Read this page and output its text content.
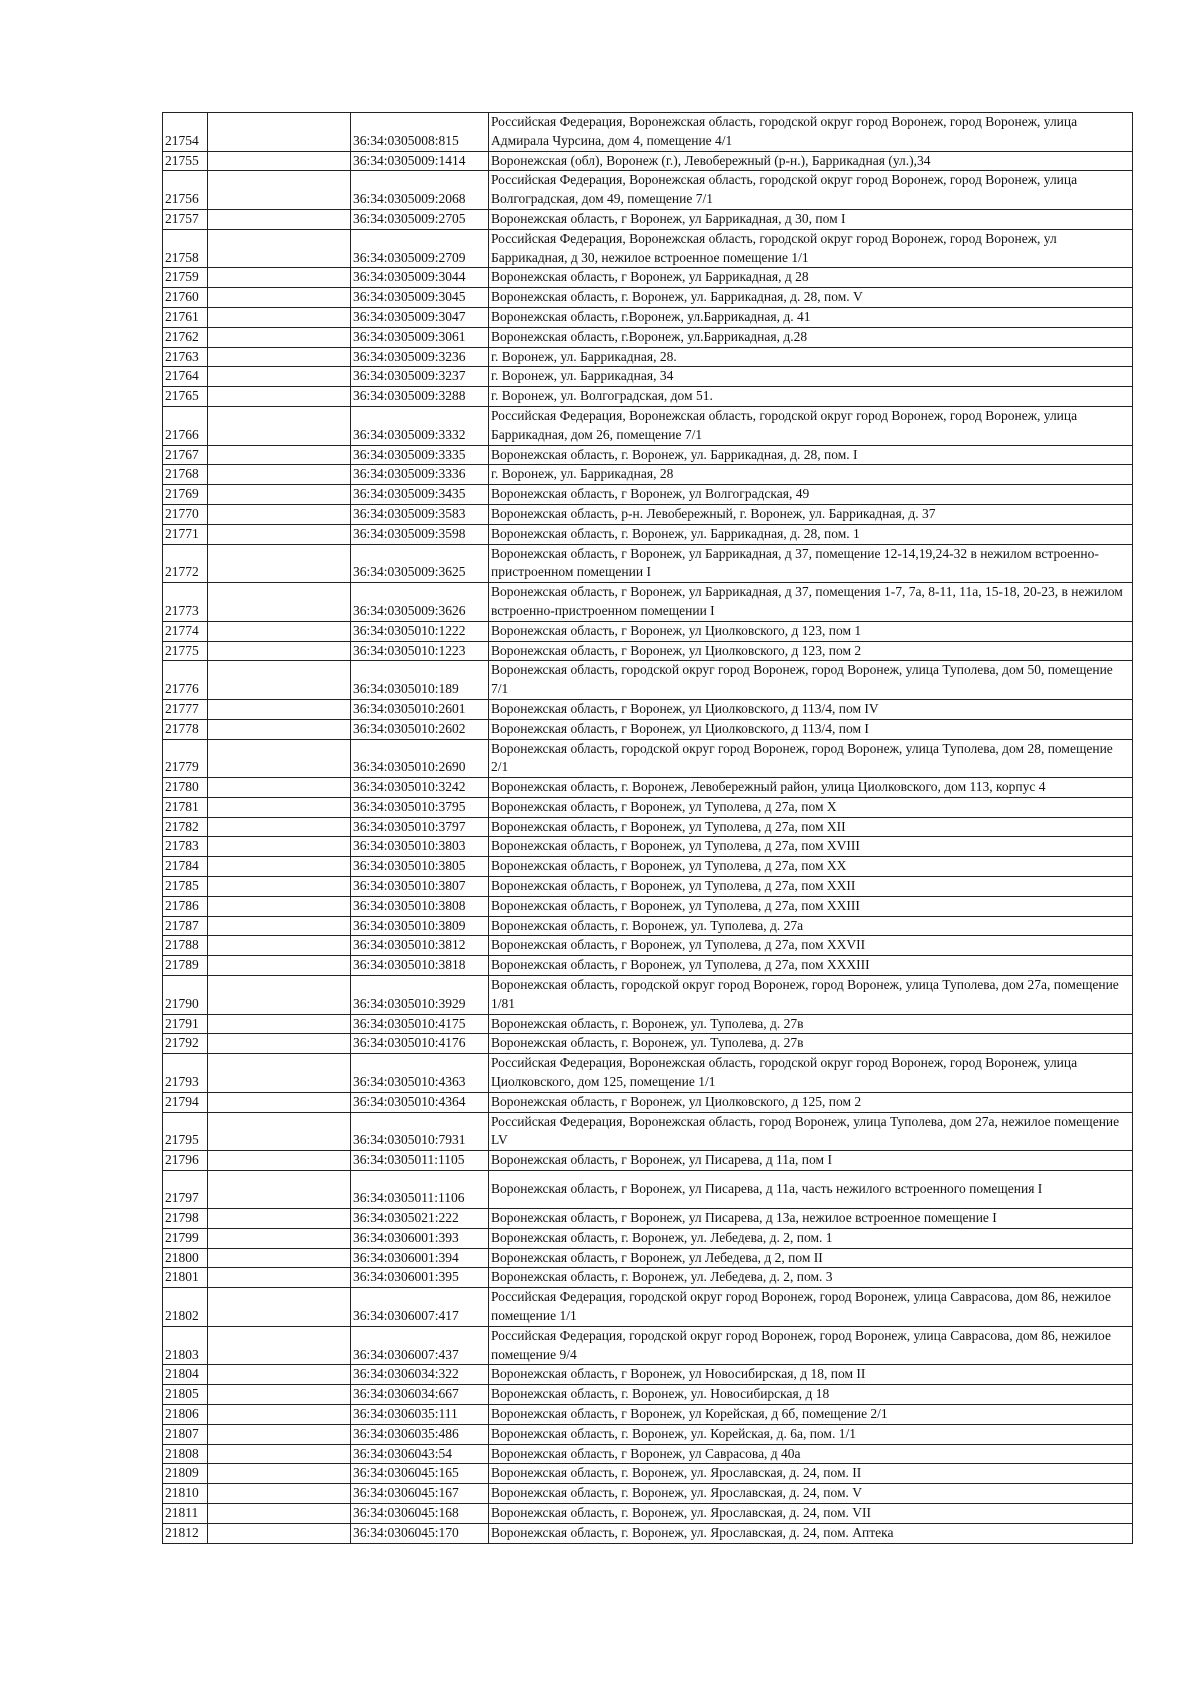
21754		36:34:0305008:815	Российская Федерация, Воронежская область, городской округ город Воронеж, город Воронеж, улица Адмирала Чурсина, дом 4, помещение 4/1
21755		36:34:0305009:1414	Воронежская (обл), Воронеж (г.), Левобережный (р-н.), Баррикадная (ул.),34
21756		36:34:0305009:2068	Российская Федерация, Воронежская область, городской округ город Воронеж, город Воронеж, улица Волгоградская, дом 49, помещение 7/1
21757		36:34:0305009:2705	Воронежская область, г Воронеж, ул Баррикадная, д 30, пом I
21758		36:34:0305009:2709	Российская Федерация, Воронежская область, городской округ город Воронеж, город Воронеж, ул Баррикадная, д 30, нежилое встроенное помещение 1/1
21759		36:34:0305009:3044	Воронежская область, г Воронеж, ул Баррикадная, д 28
21760		36:34:0305009:3045	Воронежская область, г. Воронеж, ул. Баррикадная, д. 28, пом. V
21761		36:34:0305009:3047	Воронежская область, г.Воронеж, ул.Баррикадная, д. 41
21762		36:34:0305009:3061	Воронежская область, г.Воронеж, ул.Баррикадная, д.28
21763		36:34:0305009:3236	г. Воронеж, ул. Баррикадная, 28.
21764		36:34:0305009:3237	г. Воронеж, ул. Баррикадная, 34
21765		36:34:0305009:3288	г. Воронеж, ул. Волгоградская, дом 51.
21766		36:34:0305009:3332	Российская Федерация, Воронежская область, городской округ город Воронеж, город Воронеж, улица Баррикадная, дом 26, помещение 7/1
21767		36:34:0305009:3335	Воронежская область, г. Воронеж, ул. Баррикадная, д. 28, пом. I
21768		36:34:0305009:3336	г. Воронеж, ул. Баррикадная, 28
21769		36:34:0305009:3435	Воронежская область, г Воронеж, ул Волгоградская, 49
21770		36:34:0305009:3583	Воронежская область, р-н. Левобережный, г. Воронеж, ул. Баррикадная, д. 37
21771		36:34:0305009:3598	Воронежская область, г. Воронеж, ул. Баррикадная, д. 28, пом. 1
21772		36:34:0305009:3625	Воронежская область, г Воронеж, ул Баррикадная, д 37, помещение 12-14,19,24-32 в нежилом встроенно-пристроенном помещении I
21773		36:34:0305009:3626	Воронежская область, г Воронеж, ул Баррикадная, д 37, помещения 1-7, 7а, 8-11, 11а, 15-18, 20-23, в нежилом встроенно-пристроенном помещении I
21774		36:34:0305010:1222	Воронежская область, г Воронеж, ул Циолковского, д 123, пом 1
21775		36:34:0305010:1223	Воронежская область, г Воронеж, ул Циолковского, д 123, пом 2
21776		36:34:0305010:189	Воронежская область, городской округ город Воронеж, город Воронеж, улица Туполева, дом 50, помещение 7/1
21777		36:34:0305010:2601	Воронежская область, г Воронеж, ул Циолковского, д 113/4, пом IV
21778		36:34:0305010:2602	Воронежская область, г Воронеж, ул Циолковского, д 113/4, пом I
21779		36:34:0305010:2690	Воронежская область, городской округ город Воронеж, город Воронеж, улица Туполева, дом 28, помещение 2/1
21780		36:34:0305010:3242	Воронежская область, г. Воронеж, Левобережный район, улица Циолковского, дом 113, корпус 4
21781		36:34:0305010:3795	Воронежская область, г Воронеж, ул Туполева, д 27а, пом X
21782		36:34:0305010:3797	Воронежская область, г Воронеж, ул Туполева, д 27а, пом XII
21783		36:34:0305010:3803	Воронежская область, г Воронеж, ул Туполева, д 27а, пом XVIII
21784		36:34:0305010:3805	Воронежская область, г Воронеж, ул Туполева, д 27а, пом XX
21785		36:34:0305010:3807	Воронежская область, г Воронеж, ул Туполева, д 27а, пом XXII
21786		36:34:0305010:3808	Воронежская область, г Воронеж, ул Туполева, д 27а, пом XXIII
21787		36:34:0305010:3809	Воронежская область, г. Воронеж, ул. Туполева, д. 27а
21788		36:34:0305010:3812	Воронежская область, г Воронеж, ул Туполева, д 27а, пом XXVII
21789		36:34:0305010:3818	Воронежская область, г Воронеж, ул Туполева, д 27а, пом XXXIII
21790		36:34:0305010:3929	Воронежская область, городской округ город Воронеж, город Воронеж, улица Туполева, дом 27а, помещение 1/81
21791		36:34:0305010:4175	Воронежская область, г. Воронеж, ул. Туполева, д. 27в
21792		36:34:0305010:4176	Воронежская область, г. Воронеж, ул. Туполева, д. 27в
21793		36:34:0305010:4363	Российская Федерация, Воронежская область, городской округ город Воронеж, город Воронеж, улица Циолковского, дом 125, помещение 1/1
21794		36:34:0305010:4364	Воронежская область, г Воронеж, ул Циолковского, д 125, пом 2
21795		36:34:0305010:7931	Российская Федерация, Воронежская область, город Воронеж, улица Туполева, дом 27а, нежилое помещение LV
21796		36:34:0305011:1105	Воронежская область, г Воронеж, ул Писарева, д 11а, пом I
21797		36:34:0305011:1106	Воронежская область, г Воронеж, ул Писарева, д 11а, часть нежилого встроенного помещения I
21798		36:34:0305021:222	Воронежская область, г Воронеж, ул Писарева, д 13а, нежилое встроенное помещение I
21799		36:34:0306001:393	Воронежская область, г. Воронеж, ул. Лебедева, д. 2, пом. 1
21800		36:34:0306001:394	Воронежская область, г Воронеж, ул Лебедева, д 2, пом II
21801		36:34:0306001:395	Воронежская область, г. Воронеж, ул. Лебедева, д. 2, пом. 3
21802		36:34:0306007:417	Российская Федерация, городской округ город Воронеж, город Воронеж, улица Саврасова, дом 86, нежилое помещение 1/1
21803		36:34:0306007:437	Российская Федерация, городской округ город Воронеж, город Воронеж, улица Саврасова, дом 86, нежилое помещение 9/4
21804		36:34:0306034:322	Воронежская область, г Воронеж, ул Новосибирская, д 18, пом II
21805		36:34:0306034:667	Воронежская область, г. Воронеж, ул. Новосибирская, д 18
21806		36:34:0306035:111	Воронежская область, г Воронеж, ул Корейская, д 6б, помещение 2/1
21807		36:34:0306035:486	Воронежская область, г. Воронеж, ул. Корейская, д. 6а, пом. 1/1
21808		36:34:0306043:54	Воронежская область, г Воронеж, ул Саврасова, д 40а
21809		36:34:0306045:165	Воронежская область, г. Воронеж, ул. Ярославская, д. 24, пом. II
21810		36:34:0306045:167	Воронежская область, г. Воронеж, ул. Ярославская, д. 24, пом. V
21811		36:34:0306045:168	Воронежская область, г. Воронеж, ул. Ярославская, д. 24, пом. VII
21812		36:34:0306045:170	Воронежская область, г. Воронеж, ул. Ярославская, д. 24, пом. Аптека
